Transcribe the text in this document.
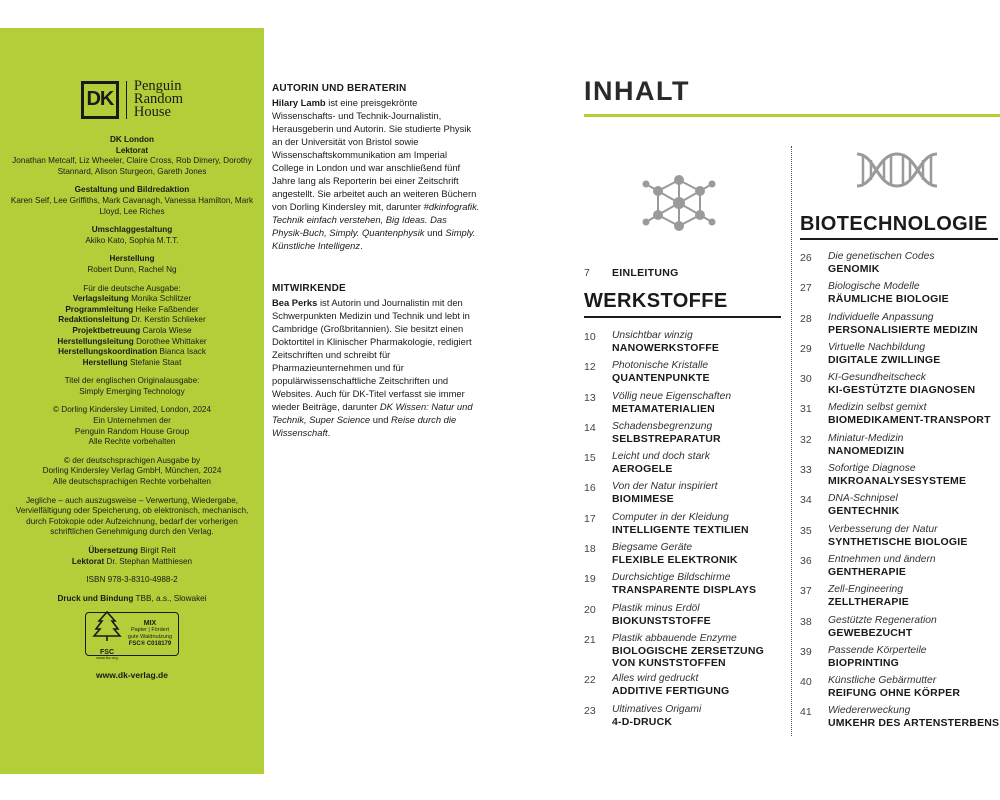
DK
Penguin
Random
House
DK London
Lektorat
Jonathan Metcalf, Liz Wheeler, Claire Cross, Rob Dimery, Dorothy Stannard, Alison Sturgeon, Gareth Jones
Gestaltung und Bildredaktion
Karen Self, Lee Griffiths, Mark Cavanagh, Vanessa Hamilton, Mark Lloyd, Lee Riches
Umschlaggestaltung
Akiko Kato, Sophia M.T.T.
Herstellung
Robert Dunn, Rachel Ng
Für die deutsche Ausgabe:
Verlagsleitung Monika Schlitzer
Programmleitung Heike Faßbender
Redaktionsleitung Dr. Kerstin Schlieker
Projektbetreuung Carola Wiese
Herstellungsleitung Dorothee Whittaker
Herstellungskoordination Bianca Isack
Herstellung Stefanie Staat
Titel der englischen Originalausgabe:
Simply Emerging Technology
© Dorling Kindersley Limited, London, 2024
Ein Unternehmen der
Penguin Random House Group
Alle Rechte vorbehalten
© der deutschsprachigen Ausgabe by
Dorling Kindersley Verlag GmbH, München, 2024
Alle deutschsprachigen Rechte vorbehalten
Jegliche – auch auszugsweise – Verwertung, Wiedergabe, Vervielfältigung oder Speicherung, ob elektronisch, mechanisch, durch Fotokopie oder Aufzeichnung, bedarf der vorherigen schriftlichen Genehmigung durch den Verlag.
Übersetzung Birgit Reit
Lektorat Dr. Stephan Matthiesen
ISBN 978-3-8310-4988-2
Druck und Bindung TBB, a.s., Slowakei
FSC
www.fsc.org
MIX
Papier | Fördert
gute Waldnutzung
FSC® C018179
www.dk-verlag.de
AUTORIN UND BERATERIN

Hilary Lamb ist eine preisgekrönte Wissenschafts- und Technik-Journalistin, Herausgeberin und Autorin. Sie studierte Physik an der Universität von Bristol sowie Wissenschaftskommunikation am Imperial College in London und war anschließend fünf Jahre lang als Reporterin bei einer Zeitschrift angestellt. Sie arbeitet auch an weiteren Büchern von Dorling Kindersley mit, darunter #dkinfografik. Technik einfach verstehen, Big Ideas. Das Physik-Buch, Simply. Quantenphysik und Simply. Künstliche Intelligenz.

MITWIRKENDE

Bea Perks ist Autorin und Journalistin mit den Schwerpunkten Medizin und Technik und lebt in Cambridge (Großbritannien). Sie besitzt einen Doktortitel in Klinischer Pharmakologie, redigiert Zeitschriften und schreibt für Pharmazieunternehmen und für populärwissenschaftliche Zeitschriften und Websites. Auch für DK-Titel verfasst sie immer wieder Beiträge, darunter DK Wissen: Natur und Technik, Super Science und Reise durch die Wissenschaft.

INHALT
7	EINLEITUNG
WERKSTOFFE
10	Unsichtbar winzig
NANOWERKSTOFFE
12	Photonische Kristalle
QUANTENPUNKTE
13	Völlig neue Eigenschaften
METAMATERIALIEN
14	Schadensbegrenzung
SELBSTREPARATUR
15	Leicht und doch stark
AEROGELE
16	Von der Natur inspiriert
BIOMIMESE
17	Computer in der Kleidung
INTELLIGENTE TEXTILIEN
18	Biegsame Geräte
FLEXIBLE ELEKTRONIK
19	Durchsichtige Bildschirme
TRANSPARENTE DISPLAYS
20	Plastik minus Erdöl
BIOKUNSTSTOFFE
21	Plastik abbauende Enzyme
BIOLOGISCHE ZERSETZUNG
VON KUNSTSTOFFEN
22	Alles wird gedruckt
ADDITIVE FERTIGUNG
23	Ultimatives Origami
4-D-DRUCK
BIOTECHNOLOGIE
26	Die genetischen Codes
GENOMIK
27	Biologische Modelle
RÄUMLICHE BIOLOGIE
28	Individuelle Anpassung
PERSONALISIERTE MEDIZIN
29	Virtuelle Nachbildung
DIGITALE ZWILLINGE
30	KI-Gesundheitscheck
KI-GESTÜTZTE DIAGNOSEN
31	Medizin selbst gemixt
BIOMEDIKAMENT-TRANSPORT
32	Miniatur-Medizin
NANOMEDIZIN
33	Sofortige Diagnose
MIKROANALYSESYSTEME
34	DNA-Schnipsel
GENTECHNIK
35	Verbesserung der Natur
SYNTHETISCHE BIOLOGIE
36	Entnehmen und ändern
GENTHERAPIE
37	Zell-Engineering
ZELLTHERAPIE
38	Gestützte Regeneration
GEWEBEZUCHT
39	Passende Körperteile
BIOPRINTING
40	Künstliche Gebärmutter
REIFUNG OHNE KÖRPER
41	Wiedererweckung
UMKEHR DES ARTENSTERBENS
